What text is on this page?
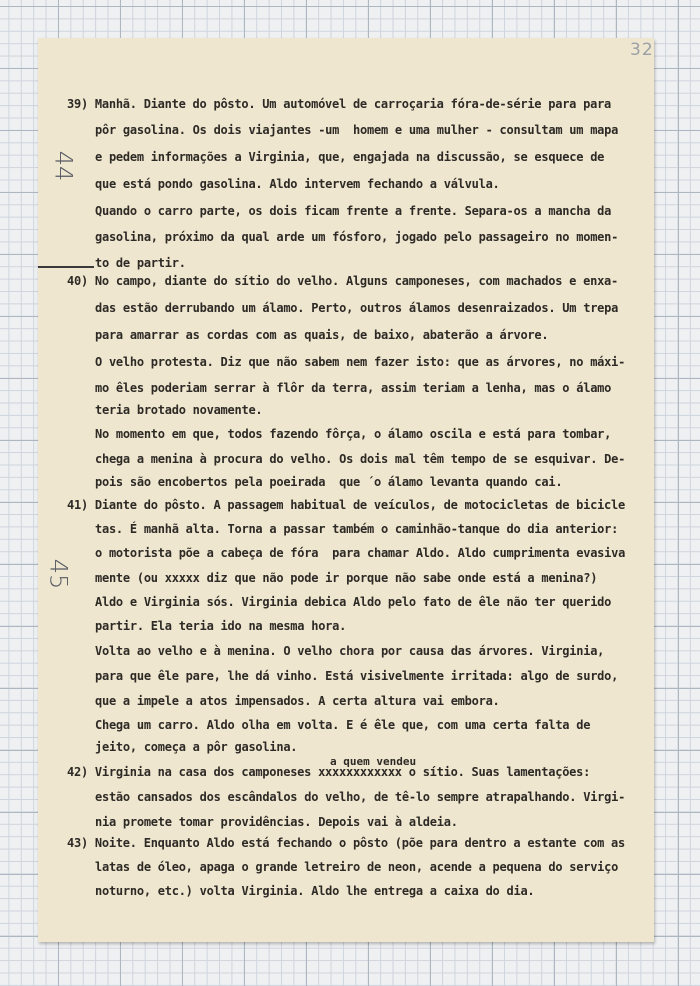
32
44
45
39) Manhã. Diante do pôsto. Um automóvel de carroçaria fóra-de-série para para
pôr gasolina. Os dois viajantes -um  homem e uma mulher - consultam um mapa
e pedem informações a Virginia, que, engajada na discussão, se esquece de
que está pondo gasolina. Aldo intervem fechando a válvula.
Quando o carro parte, os dois ficam frente a frente. Separa-os a mancha da
gasolina, próximo da qual arde um fósforo, jogado pelo passageiro no momen-
to de partir.
40) No campo, diante do sítio do velho. Alguns camponeses, com machados e enxa-
das estão derrubando um álamo. Perto, outros álamos desenraizados. Um trepa
para amarrar as cordas com as quais, de baixo, abaterão a árvore.
O velho protesta. Diz que não sabem nem fazer isto: que as árvores, no máxi-
mo êles poderiam serrar à flôr da terra, assim teriam a lenha, mas o álamo
teria brotado novamente.
No momento em que, todos fazendo fôrça, o álamo oscila e está para tombar,
chega a menina à procura do velho. Os dois mal têm tempo de se esquivar. De-
pois são encobertos pela poeirada  que ´o álamo levanta quando cai.
41) Diante do pôsto. A passagem habitual de veículos, de motocicletas de bicicle
tas. É manhã alta. Torna a passar também o caminhão-tanque do dia anterior:
o motorista põe a cabeça de fóra  para chamar Aldo. Aldo cumprimenta evasiva
mente (ou xxxxx diz que não pode ir porque não sabe onde está a menina?)
Aldo e Virginia sós. Virginia debica Aldo pelo fato de êle não ter querido
partir. Ela teria ido na mesma hora.
Volta ao velho e à menina. O velho chora por causa das árvores. Virginia,
para que êle pare, lhe dá vinho. Está visivelmente irritada: algo de surdo,
que a impele a atos impensados. A certa altura vai embora.
Chega um carro. Aldo olha em volta. E é êle que, com uma certa falta de
jeito, começa a pôr gasolina.
42) Virginia na casa dos camponeses xxxxxxxxxxxx o sítio. Suas lamentações:
estão cansados dos escândalos do velho, de tê-lo sempre atrapalhando. Virgi-
nia promete tomar providências. Depois vai à aldeia.
43) Noite. Enquanto Aldo está fechando o pôsto (põe para dentro a estante com as
latas de óleo, apaga o grande letreiro de neon, acende a pequena do serviço
noturno, etc.) volta Virginia. Aldo lhe entrega a caixa do dia.
a quem vendeu
